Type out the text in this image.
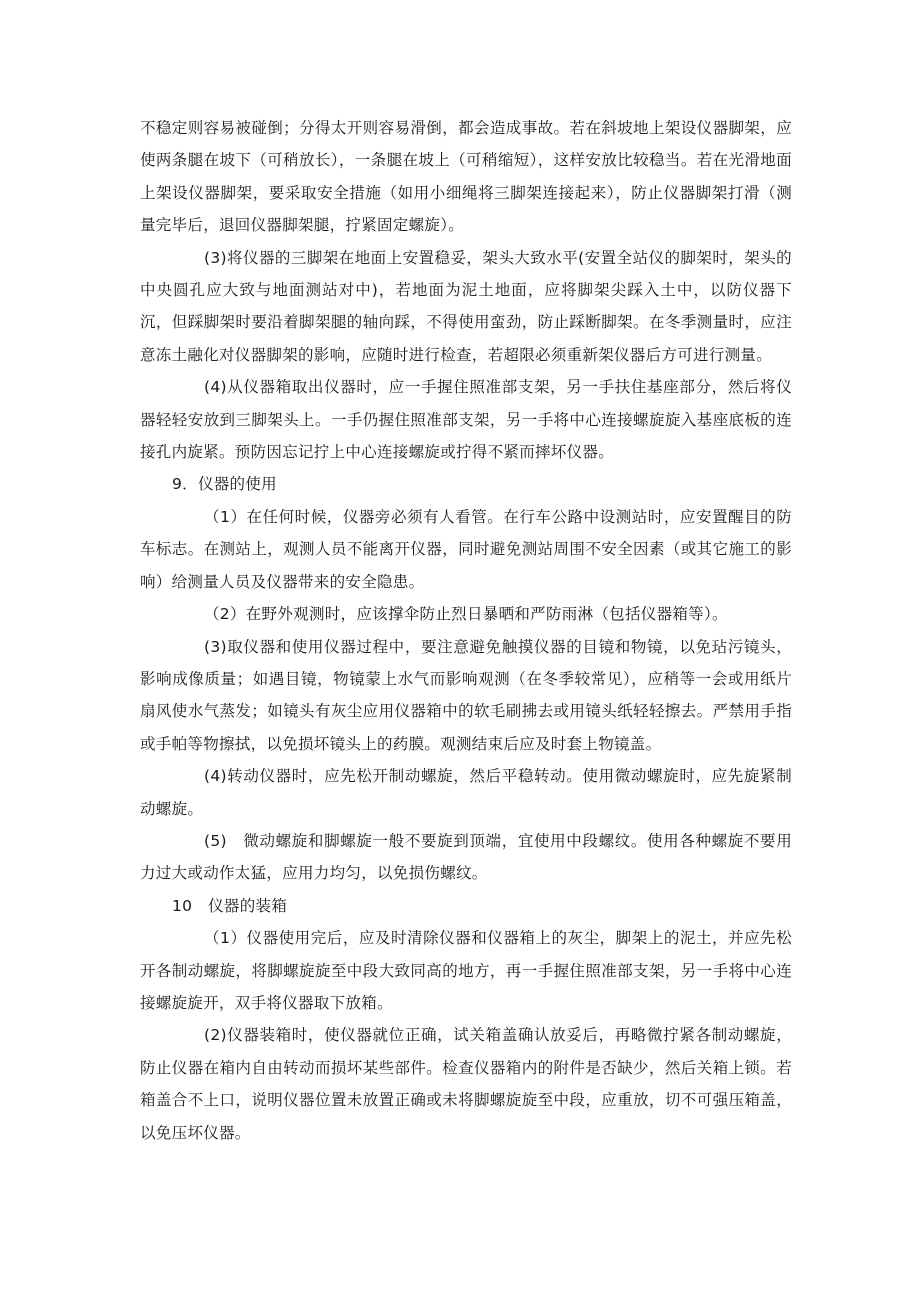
不稳定则容易被碰倒；分得太开则容易滑倒，都会造成事故。若在斜坡地上架设仪器脚架，应使两条腿在坡下（可稍放长），一条腿在坡上（可稍缩短），这样安放比较稳当。若在光滑地面上架设仪器脚架，要采取安全措施（如用小细绳将三脚架连接起来），防止仪器脚架打滑（测量完毕后，退回仪器脚架腿，拧紧固定螺旋）。

(3)将仪器的三脚架在地面上安置稳妥，架头大致水平(安置全站仪的脚架时，架头的中央圆孔应大致与地面测站对中)，若地面为泥土地面，应将脚架尖踩入土中，以防仪器下沉，但踩脚架时要沿着脚架腿的轴向踩，不得使用蛮劲，防止踩断脚架。在冬季测量时，应注意冻土融化对仪器脚架的影响，应随时进行检查，若超限必须重新架仪器后方可进行测量。

(4)从仪器箱取出仪器时，应一手握住照准部支架，另一手扶住基座部分，然后将仪器轻轻安放到三脚架头上。一手仍握住照准部支架，另一手将中心连接螺旋旋入基座底板的连接孔内旋紧。预防因忘记拧上中心连接螺旋或拧得不紧而摔坏仪器。

9．仪器的使用

（1）在任何时候，仪器旁必须有人看管。在行车公路中设测站时，应安置醒目的防车标志。在测站上，观测人员不能离开仪器，同时避免测站周围不安全因素（或其它施工的影响）给测量人员及仪器带来的安全隐患。

（2）在野外观测时，应该撑伞防止烈日暴晒和严防雨淋（包括仪器箱等）。

(3)取仪器和使用仪器过程中，要注意避免触摸仪器的目镜和物镜，以免玷污镜头，影响成像质量；如遇目镜，物镜蒙上水气而影响观测（在冬季较常见），应稍等一会或用纸片扇风使水气蒸发；如镜头有灰尘应用仪器箱中的软毛刷拂去或用镜头纸轻轻擦去。严禁用手指或手帕等物擦拭，以免损坏镜头上的药膜。观测结束后应及时套上物镜盖。

(4)转动仪器时，应先松开制动螺旋，然后平稳转动。使用微动螺旋时，应先旋紧制动螺旋。

(5)　微动螺旋和脚螺旋一般不要旋到顶端，宜使用中段螺纹。使用各种螺旋不要用力过大或动作太猛，应用力均匀，以免损伤螺纹。

10　仪器的装箱

（1）仪器使用完后，应及时清除仪器和仪器箱上的灰尘，脚架上的泥土，并应先松开各制动螺旋，将脚螺旋旋至中段大致同高的地方，再一手握住照准部支架，另一手将中心连接螺旋旋开，双手将仪器取下放箱。

(2)仪器装箱时，使仪器就位正确，试关箱盖确认放妥后，再略微拧紧各制动螺旋，防止仪器在箱内自由转动而损坏某些部件。检查仪器箱内的附件是否缺少，然后关箱上锁。若箱盖合不上口，说明仪器位置未放置正确或未将脚螺旋旋至中段，应重放，切不可强压箱盖，以免压坏仪器。
